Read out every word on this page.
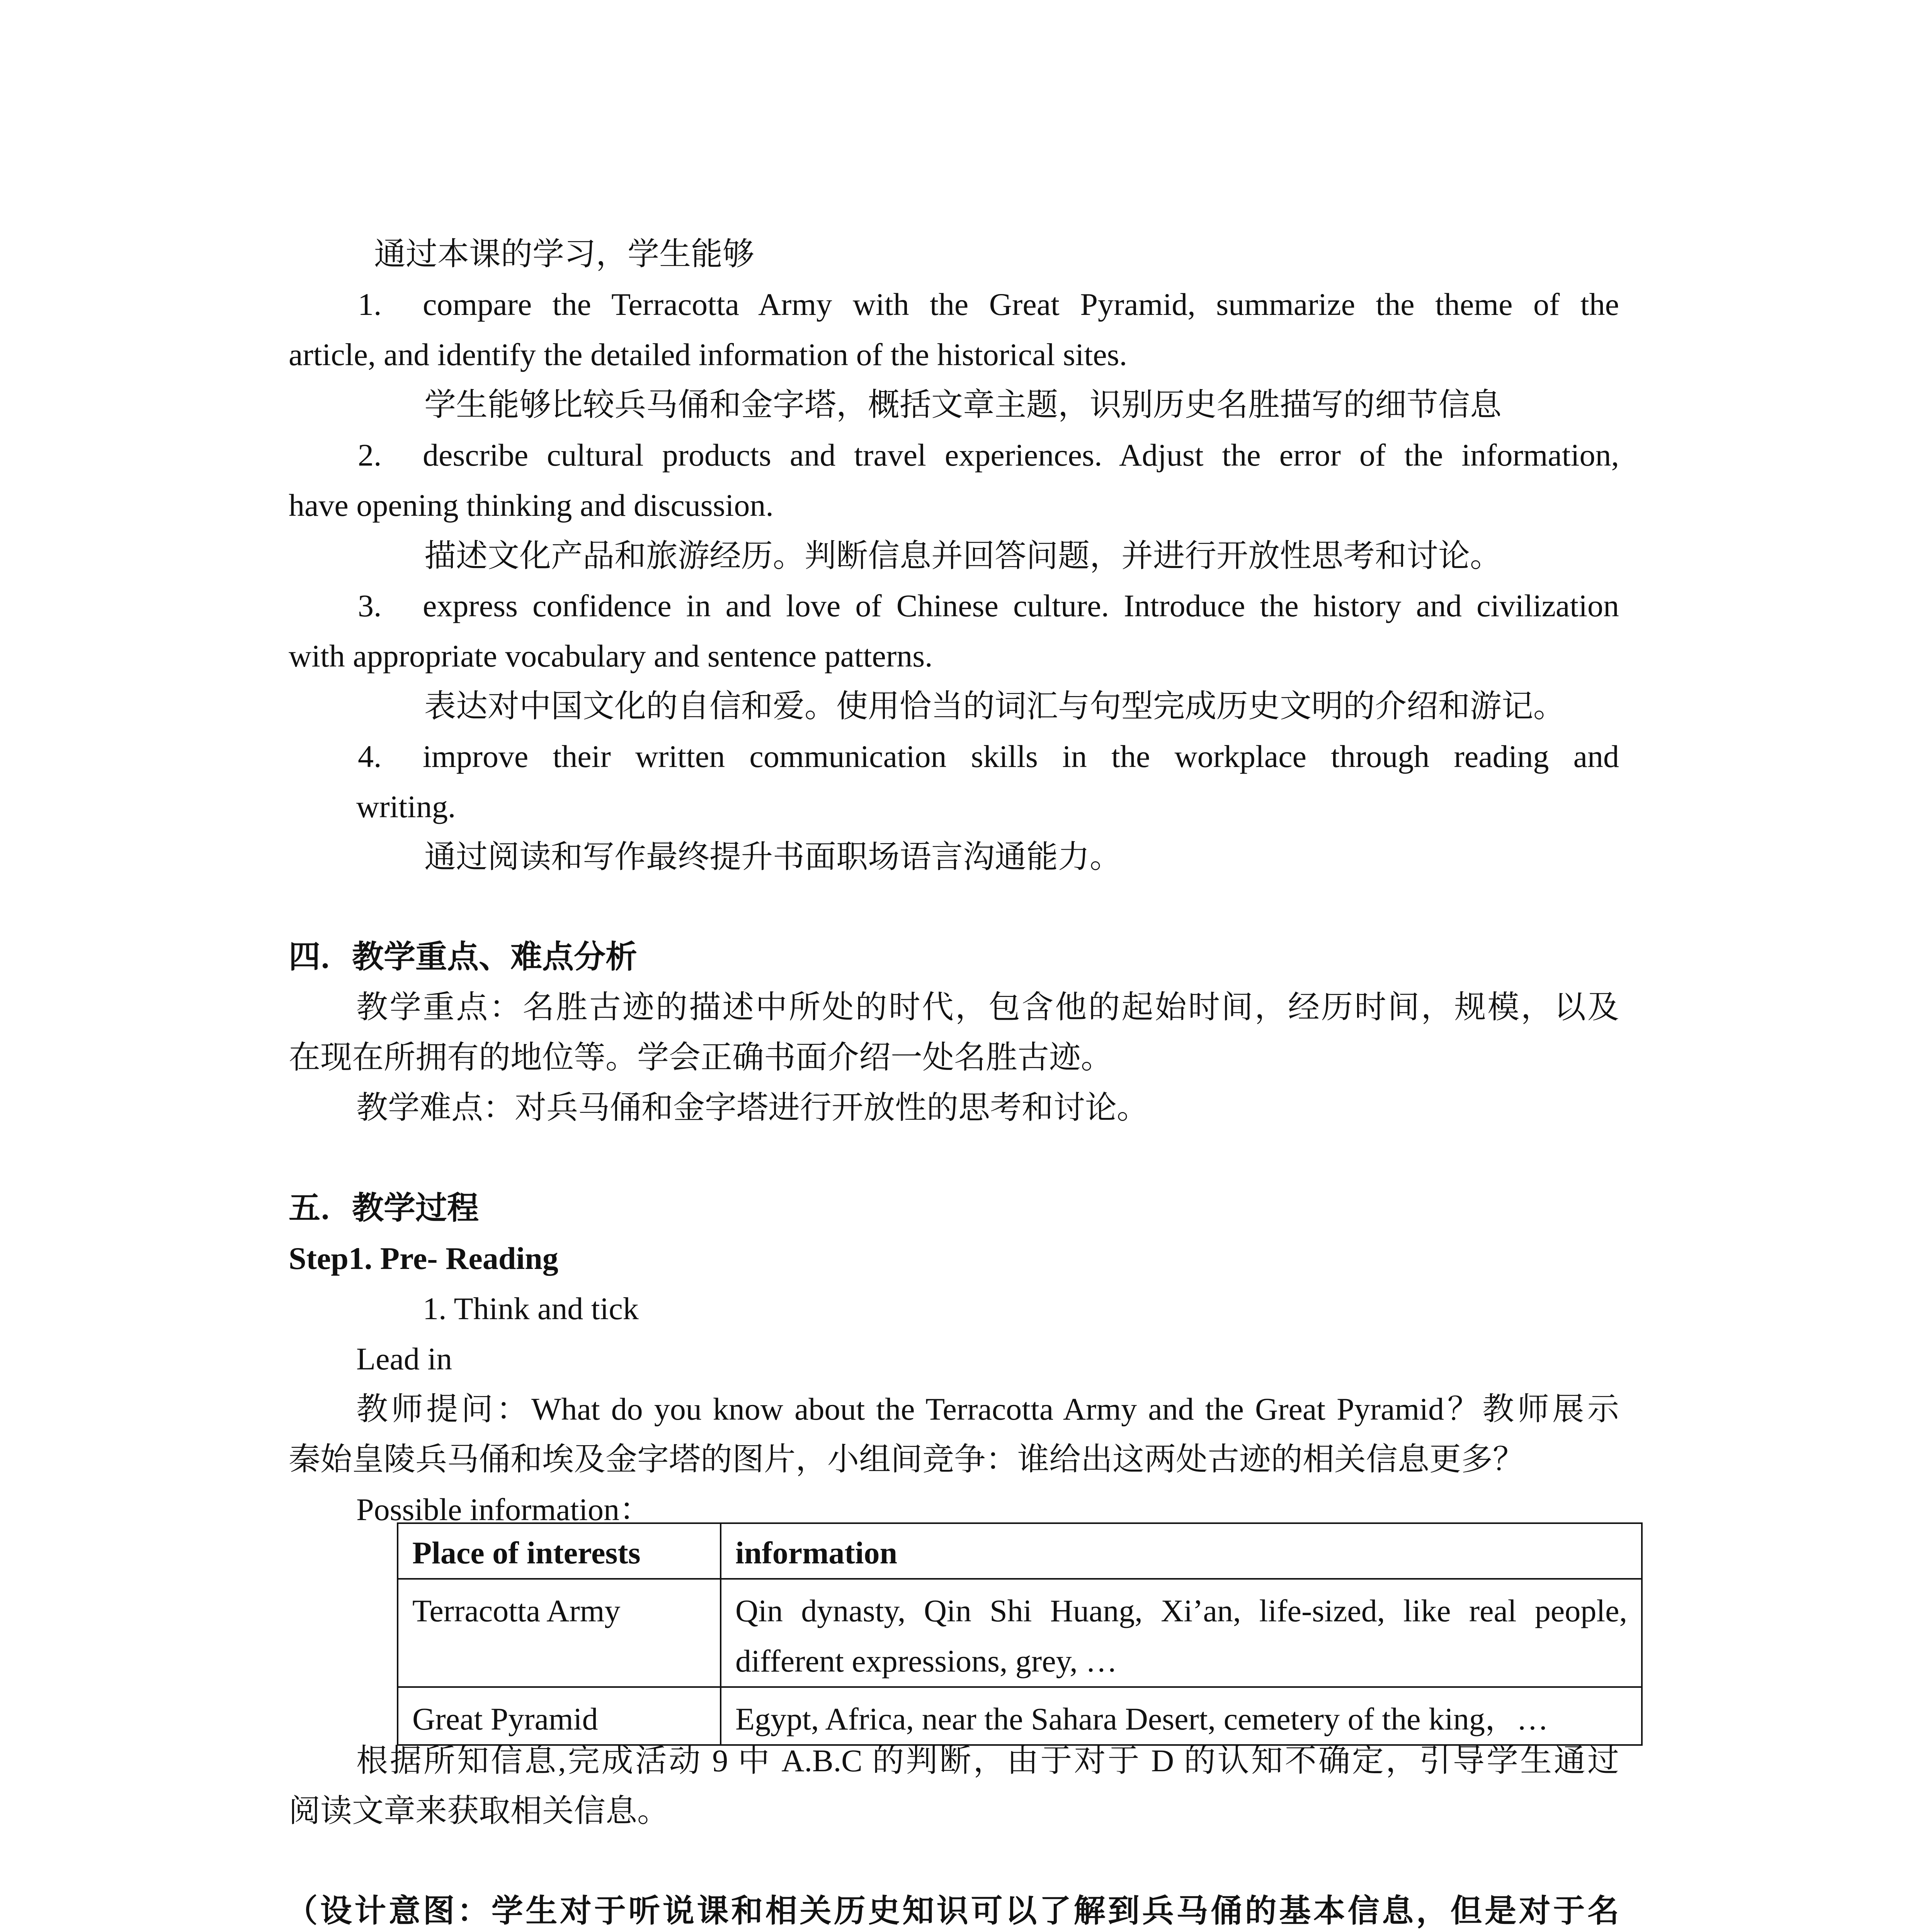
通过本课的学习，学生能够
1. compare the Terracotta Army with the Great Pyramid, summarize the theme of the
article, and identify the detailed information of the historical sites.
学生能够比较兵马俑和金字塔，概括文章主题，识别历史名胜描写的细节信息
2. describe cultural products and travel experiences. Adjust the error of the information,
have opening thinking and discussion.
描述文化产品和旅游经历。判断信息并回答问题，并进行开放性思考和讨论。
3. express confidence in and love of Chinese culture. Introduce the history and civilization
with appropriate vocabulary and sentence patterns.
表达对中国文化的自信和爱。使用恰当的词汇与句型完成历史文明的介绍和游记。
4. improve their written communication skills in the workplace through reading and
writing.
通过阅读和写作最终提升书面职场语言沟通能力。
四．教学重点、难点分析
教学重点：名胜古迹的描述中所处的时代，包含他的起始时间，经历时间，规模，以及
在现在所拥有的地位等。学会正确书面介绍一处名胜古迹。
教学难点：对兵马俑和金字塔进行开放性的思考和讨论。
五．教学过程
Step1. Pre- Reading
1. Think and tick
Lead in
教师提问：What do you know about the Terracotta Army and the Great Pyramid？教师展示
秦始皇陵兵马俑和埃及金字塔的图片，小组间竞争：谁给出这两处古迹的相关信息更多？
Possible information：
Place of interests	information
Terracotta Army	Qin dynasty, Qin Shi Huang, Xi’an, life-sized, like real people, different expressions, grey, …
Great Pyramid	Egypt, Africa, near the Sahara Desert, cemetery of the king，…
根据所知信息,完成活动 9 中 A.B.C 的判断，由于对于 D 的认知不确定，引导学生通过
阅读文章来获取相关信息。
（设计意图：学生对于听说课和相关历史知识可以了解到兵马俑的基本信息，但是对于名
